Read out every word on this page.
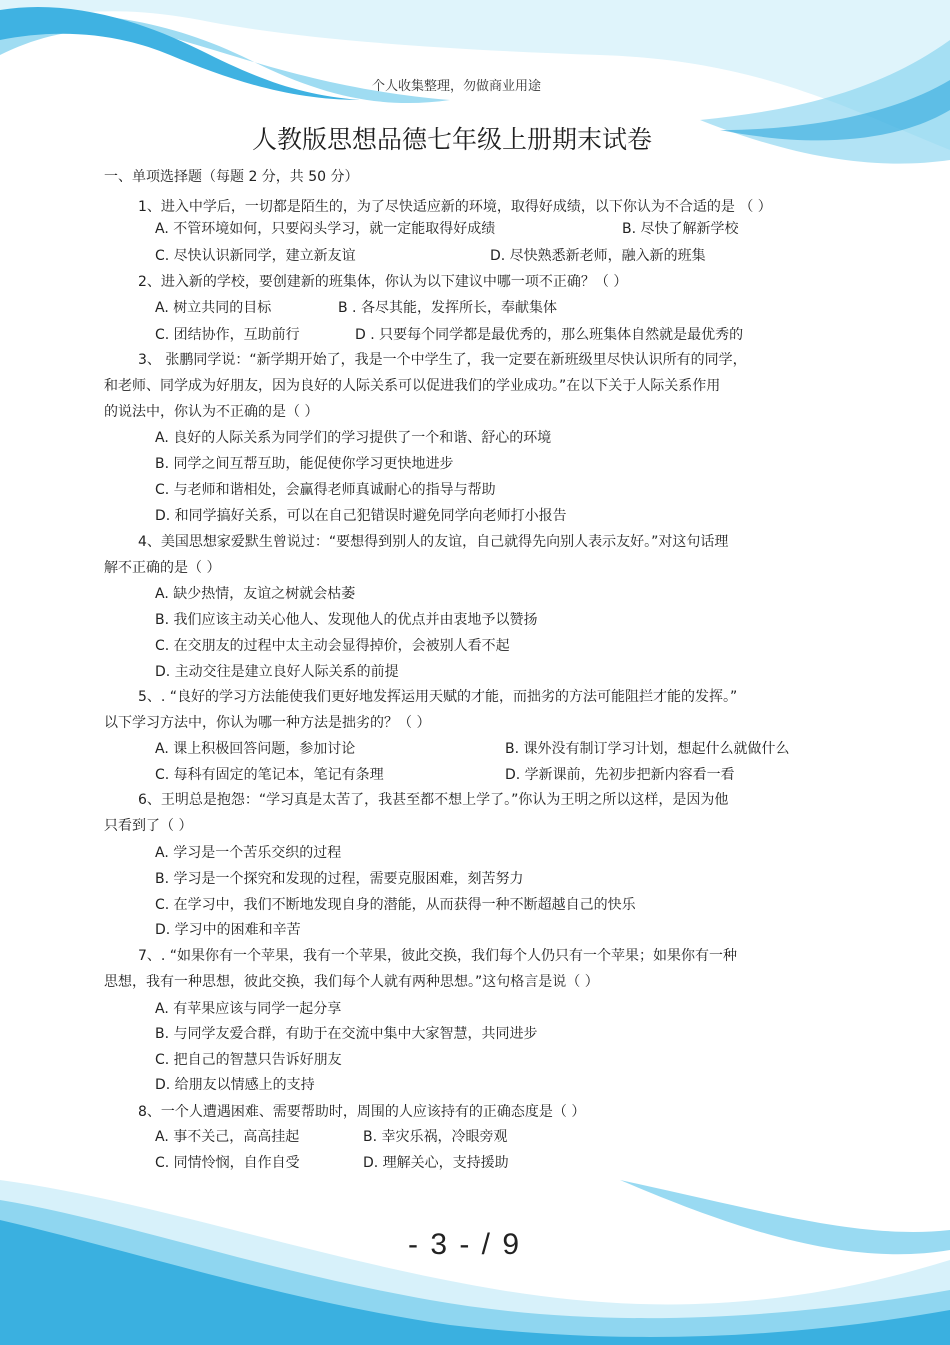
个人收集整理，勿做商业用途
人教版思想品德七年级上册期末试卷
一、单项选择题（每题 2 分，共 50 分）
1、进入中学后，一切都是陌生的，为了尽快适应新的环境，取得好成绩，以下你认为不合适的是 （ ）
A. 不管环境如何，只要闷头学习，就一定能取得好成绩	B. 尽快了解新学校
C. 尽快认识新同学，建立新友谊	D. 尽快熟悉新老师，融入新的班集
2、进入新的学校，要创建新的班集体，你认为以下建议中哪一项不正确？（ ）
A. 树立共同的目标	B . 各尽其能，发挥所长，奉献集体
C. 团结协作，互助前行	D . 只要每个同学都是最优秀的，那么班集体自然就是最优秀的
3、 张鹏同学说：“新学期开始了，我是一个中学生了，我一定要在新班级里尽快认识所有的同学，
和老师、同学成为好朋友，因为良好的人际关系可以促进我们的学业成功。”在以下关于人际关系作用
的说法中，你认为不正确的是（ ）
A. 良好的人际关系为同学们的学习提供了一个和谐、舒心的环境
B. 同学之间互帮互助，能促使你学习更快地进步
C. 与老师和谐相处，会赢得老师真诚耐心的指导与帮助
D. 和同学搞好关系，可以在自己犯错误时避免同学向老师打小报告
4、美国思想家爱默生曾说过：“要想得到别人的友谊，自己就得先向别人表示友好。”对这句话理
解不正确的是（ ）
A. 缺少热情，友谊之树就会枯萎
B. 我们应该主动关心他人、发现他人的优点并由衷地予以赞扬
C. 在交朋友的过程中太主动会显得掉价，会被别人看不起
D. 主动交往是建立良好人际关系的前提
5、. “良好的学习方法能使我们更好地发挥运用天赋的才能，而拙劣的方法可能阻拦才能的发挥。”
以下学习方法中，你认为哪一种方法是拙劣的？（ ）
A. 课上积极回答问题，参加讨论	B. 课外没有制订学习计划，想起什么就做什么
C. 每科有固定的笔记本，笔记有条理	D. 学新课前，先初步把新内容看一看
6、王明总是抱怨：“学习真是太苦了，我甚至都不想上学了。”你认为王明之所以这样，是因为他
只看到了（ ）
A. 学习是一个苦乐交织的过程
B. 学习是一个探究和发现的过程，需要克服困难，刻苦努力
C. 在学习中，我们不断地发现自身的潜能，从而获得一种不断超越自己的快乐
D. 学习中的困难和辛苦
7、. “如果你有一个苹果，我有一个苹果，彼此交换，我们每个人仍只有一个苹果；如果你有一种
思想，我有一种思想，彼此交换，我们每个人就有两种思想。”这句格言是说（ ）
A. 有苹果应该与同学一起分享
B. 与同学友爱合群，有助于在交流中集中大家智慧，共同进步
C. 把自己的智慧只告诉好朋友
D. 给朋友以情感上的支持
8、一个人遭遇困难、需要帮助时，周围的人应该持有的正确态度是（ ）
A. 事不关己，高高挂起	B. 幸灾乐祸，冷眼旁观
C. 同情怜悯，自作自受	D. 理解关心，支持援助
- 3 - / 9
